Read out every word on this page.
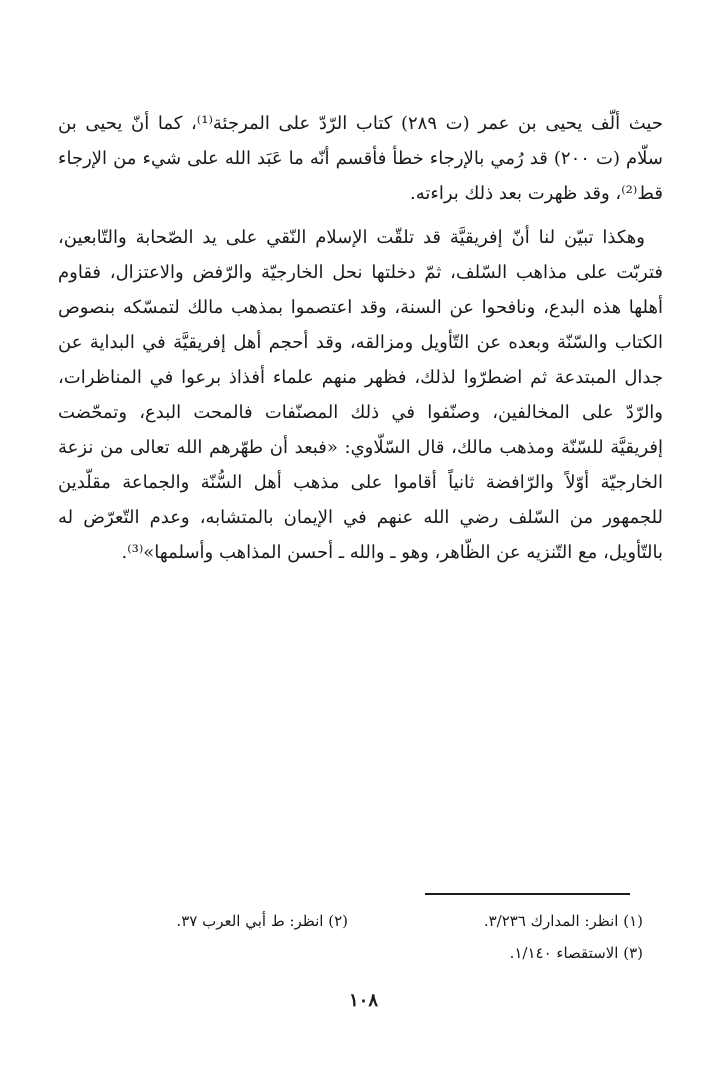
حيث ألّف يحيى بن عمر (ت ٢٨٩) كتاب الرّدّ على المرجئة⁽¹⁾، كما أنّ يحيى بن سلّام (ت ٢٠٠) قد رُمي بالإرجاء خطأ فأقسم أنّه ما عَبَد الله على شيء من الإرجاء قط⁽²⁾، وقد ظهرت بعد ذلك براءته.

وهكذا تبيّن لنا أنّ إفريقيَّة قد تلقّت الإسلام النّقي على يد الصّحابة والتّابعين، فتربّت على مذاهب السّلف، ثمّ دخلتها نحل الخارجيّة والرّفض والاعتزال، فقاوم أهلها هذه البدع، ونافحوا عن السنة، وقد اعتصموا بمذهب مالك لتمسّكه بنصوص الكتاب والسّنّة وبعده عن التّأويل ومزالقه، وقد أحجم أهل إفريقيَّة في البداية عن جدال المبتدعة ثم اضطرّوا لذلك، فظهر منهم علماء أفذاذ برعوا في المناظرات، والرّدّ على المخالفين، وصنّفوا في ذلك المصنّفات فالمحت البدع، وتمحّضت إفريقيَّة للسّنّة ومذهب مالك، قال السّلّاوي: «فبعد أن طهّرهم الله تعالى من نزعة الخارجيّة أوّلاً والرّافضة ثانياً أقاموا على مذهب أهل السُّنّة والجماعة مقلّدين للجمهور من السّلف رضي الله عنهم في الإيمان بالمتشابه، وعدم التّعرّض له بالتّأويل، مع التّنزيه عن الظّاهر، وهو ـ والله ـ أحسن المذاهب وأسلمها»⁽³⁾.

(١) انظر: المدارك ٣/٢٣٦.
(٢) انظر: ط أبي العرب ٣٧.
(٣) الاستقصاء ١/١٤٠.
١٠٨
